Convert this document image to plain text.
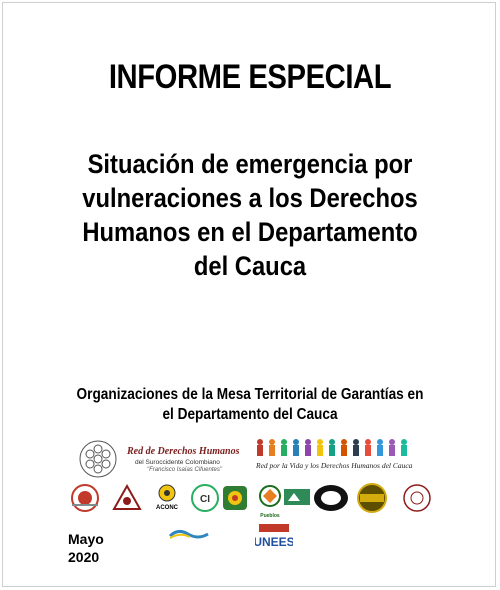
INFORME ESPECIAL
Situación de emergencia por
vulneraciones a los Derechos
Humanos en el Departamento
del Cauca
Organizaciones de la Mesa Territorial de Garantías en
el Departamento del Cauca
Red de Derechos Humanos
del Suroccidente Colombiano
"Francisco Isaías Cifuentes"	Red por la Vida y los Derechos Humanos del Cauca
ACONC
CI
Pueblos
UNEES
Mayo
2020
